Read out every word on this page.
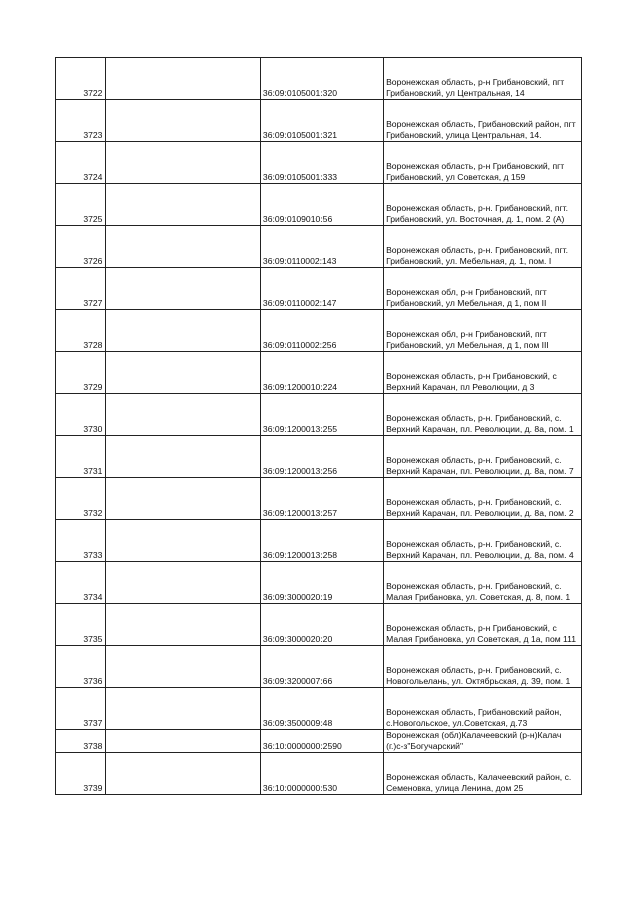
3722		36:09:0105001:320	Воронежская область, р-н Грибановский, пгт Грибановский, ул Центральная, 14
3723		36:09:0105001:321	Воронежская область, Грибановский район, пгт Грибановский, улица Центральная, 14.
3724		36:09:0105001:333	Воронежская область, р-н Грибановский, пгт Грибановский, ул Советская, д 159
3725		36:09:0109010:56	Воронежская область, р-н. Грибановский, пгт. Грибановский, ул. Восточная, д. 1, пом. 2 (А)
3726		36:09:0110002:143	Воронежская область, р-н. Грибановский, пгт. Грибановский, ул. Мебельная, д. 1, пом. I
3727		36:09:0110002:147	Воронежская обл, р-н Грибановский, пгт Грибановский, ул Мебельная, д 1, пом II
3728		36:09:0110002:256	Воронежская обл, р-н Грибановский, пгт Грибановский, ул Мебельная, д 1, пом III
3729		36:09:1200010:224	Воронежская область, р-н Грибановский, с Верхний Карачан, пл Революции, д 3
3730		36:09:1200013:255	Воронежская область, р-н. Грибановский, с. Верхний Карачан, пл. Революции, д. 8а, пом. 1
3731		36:09:1200013:256	Воронежская область, р-н. Грибановский, с. Верхний Карачан, пл. Революции, д. 8а, пом. 7
3732		36:09:1200013:257	Воронежская область, р-н. Грибановский, с. Верхний Карачан, пл. Революции, д. 8а, пом. 2
3733		36:09:1200013:258	Воронежская область, р-н. Грибановский, с. Верхний Карачан, пл. Революции, д. 8а, пом. 4
3734		36:09:3000020:19	Воронежская область, р-н. Грибановский, с. Малая Грибановка, ул. Советская, д. 8, пом. 1
3735		36:09:3000020:20	Воронежская область, р-н Грибановский, с Малая Грибановка, ул Советская, д 1а, пом 111
3736		36:09:3200007:66	Воронежская область, р-н. Грибановский, с. Новогольелань, ул. Октябрьская, д. 39, пом. 1
3737		36:09:3500009:48	Воронежская область, Грибановский район, с.Новогольское, ул.Советская, д.73
3738		36:10:0000000:2590	Воронежская (обл)Калачеевский (р-н)Калач (г.)с-з"Богучарский"
3739		36:10:0000000:530	Воронежская область, Калачеевский район, с. Семеновка, улица Ленина, дом 25
